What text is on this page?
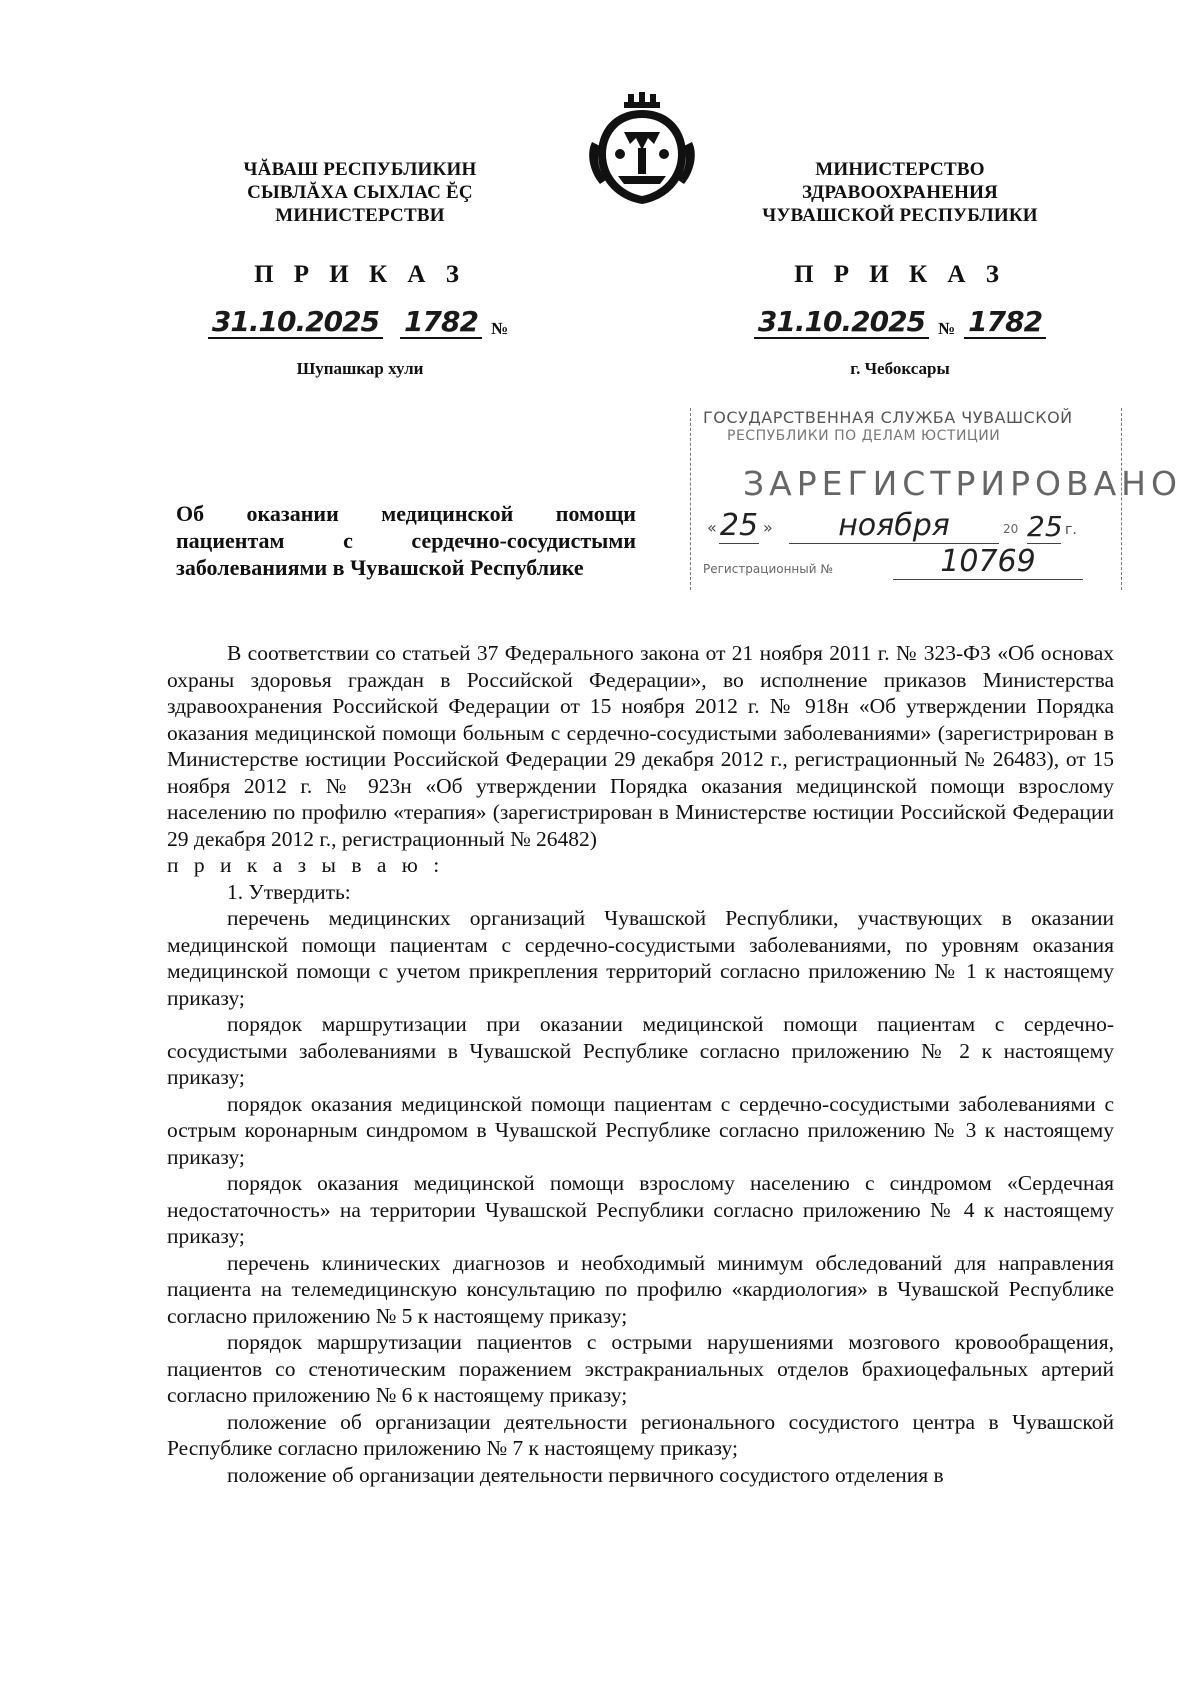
ЧĂВАШ РЕСПУБЛИКИН
СЫВЛĂХА СЫХЛАС ĔÇ
МИНИСТЕРСТВИ
П Р И К А З
31.10.2025 1782 №
Шупашкар хули
МИНИСТЕРСТВО
ЗДРАВООХРАНЕНИЯ
ЧУВАШСКОЙ РЕСПУБЛИКИ
П Р И К А З
31.10.2025 № 1782
г. Чебоксары
ГОСУДАРСТВЕННАЯ СЛУЖБА ЧУВАШСКОЙ
РЕСПУБЛИКИ ПО ДЕЛАМ ЮСТИЦИИ
ЗАРЕГИСТРИРОВАНО
« 25 »	ноября	20 25 г.
Регистрационный №	10769
Об оказании медицинской помощи пациентам с сердечно-сосудистыми заболеваниями в Чувашской Республике

В соответствии со статьей 37 Федерального закона от 21 ноября 2011 г. № 323-ФЗ «Об основах охраны здоровья граждан в Российской Федерации», во исполнение приказов Министерства здравоохранения Российской Федерации от 15 ноября 2012 г. № 918н «Об утверждении Порядка оказания медицинской помощи больным с сердечно-сосудистыми заболеваниями» (зарегистрирован в Министерстве юстиции Российской Федерации 29 декабря 2012 г., регистрационный № 26483), от 15 ноября 2012 г. № 923н «Об утверждении Порядка оказания медицинской помощи взрослому населению по профилю «терапия» (зарегистрирован в Министерстве юстиции Российской Федерации 29 декабря 2012 г., регистрационный № 26482)

п р и к а з ы в а ю :

1. Утвердить:

перечень медицинских организаций Чувашской Республики, участвующих в оказании медицинской помощи пациентам с сердечно-сосудистыми заболеваниями, по уровням оказания медицинской помощи с учетом прикрепления территорий согласно приложению № 1 к настоящему приказу;

порядок маршрутизации при оказании медицинской помощи пациентам с сердечно-сосудистыми заболеваниями в Чувашской Республике согласно приложению № 2 к настоящему приказу;

порядок оказания медицинской помощи пациентам с сердечно-сосудистыми заболеваниями с острым коронарным синдромом в Чувашской Республике согласно приложению № 3 к настоящему приказу;

порядок оказания медицинской помощи взрослому населению с синдромом «Сердечная недостаточность» на территории Чувашской Республики согласно приложению № 4 к настоящему приказу;

перечень клинических диагнозов и необходимый минимум обследований для направления пациента на телемедицинскую консультацию по профилю «кардиология» в Чувашской Республике согласно приложению № 5 к настоящему приказу;

порядок маршрутизации пациентов с острыми нарушениями мозгового кровообращения, пациентов со стенотическим поражением экстракраниальных отделов брахиоцефальных артерий согласно приложению № 6 к настоящему приказу;

положение об организации деятельности регионального сосудистого центра в Чувашской Республике согласно приложению № 7 к настоящему приказу;

положение об организации деятельности первичного сосудистого отделения в
